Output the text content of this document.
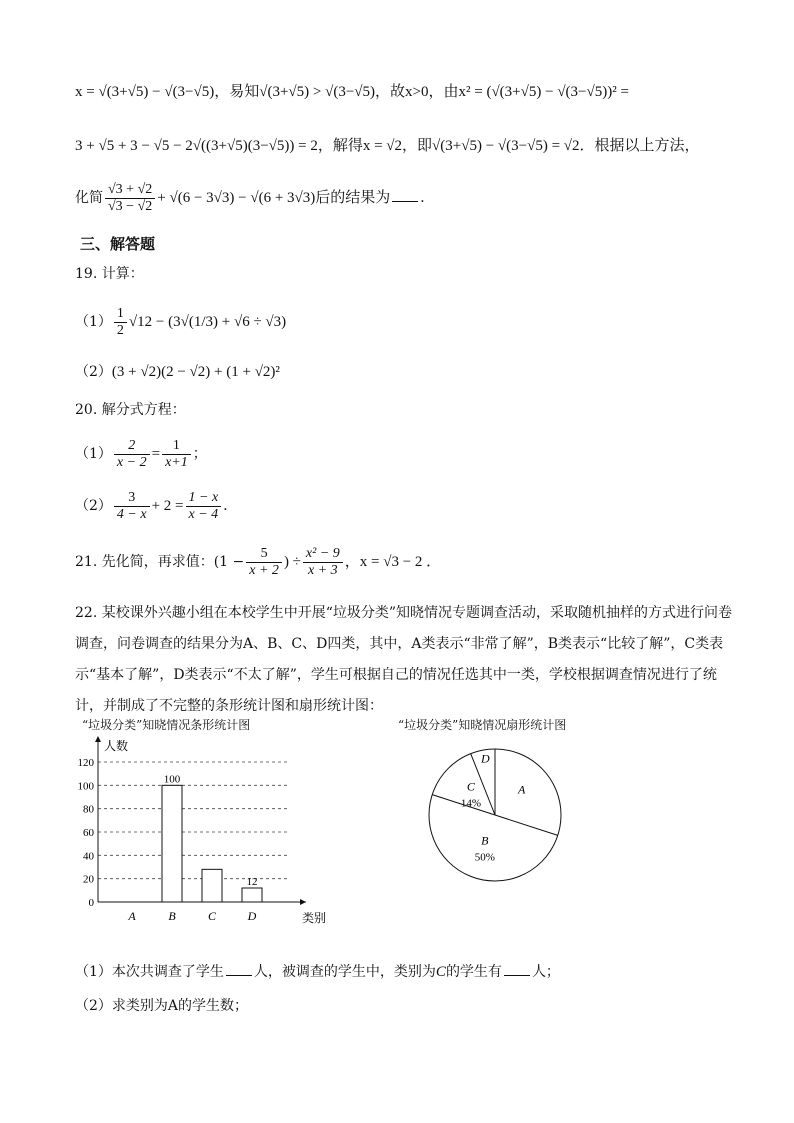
x = √(3+√5) − √(3−√5)，易知√(3+√5) > √(3−√5)，故x>0，由x² = (√(3+√5) − √(3−√5))² =
3 + √5 + 3 − √5 − 2√((3+√5)(3−√5)) = 2，解得x = √2，即√(3+√5) − √(3−√5) = √2．根据以上方法，
化简 $\frac{√3 + √2}{√3 - √2} + √(6 - 3√3) - √(6 + 3√3)$后的结果为 ．
三、解答题
19. 计算：
$(1) \frac{1}{2} √12 - (3√(1/3) + √6 \div √3)$
（2）(3 + √2)(2 − √2) + (1 + √2)²
20. 解分式方程：
$(1) \frac{2}{x - 2} = \frac{1}{x+1}$ ；
$(2) \frac{3}{4 - x} + 2 = \frac{1 - x}{x - 4}$ ．
21. 先化简，再求值：($1 - \frac{5}{x + 2}$ ) ÷ $\frac{\text{x² − 9}}{x + 3}$ ，x = √3 − 2 ．
22. 某校课外兴趣小组在本校学生中开展“垃圾分类”知晓情况专题调查活动，采取随机抽样的方式进行问卷调查，问卷调查的结果分为A、B、C、D四类，其中，A类表示“非常了解”，B类表示“比较了解”，C类表示“基本了解”，D类表示“不太了解”，学生可根据自己的情况任选其中一类，学校根据调查情况进行了统计，并制成了不完整的条形统计图和扇形统计图：
“垃圾分类”知晓情况条形统计图	“垃圾分类”知晓情况扇形统计图
0
20
40
60
80
100
120
人数
类别
A	B
100
C	D
12
A
B
50%
C
14%
D
（1）本次共调查了学生 人，被调查的学生中，类别为C的学生有 人；
（2）求类别为A的学生数；
